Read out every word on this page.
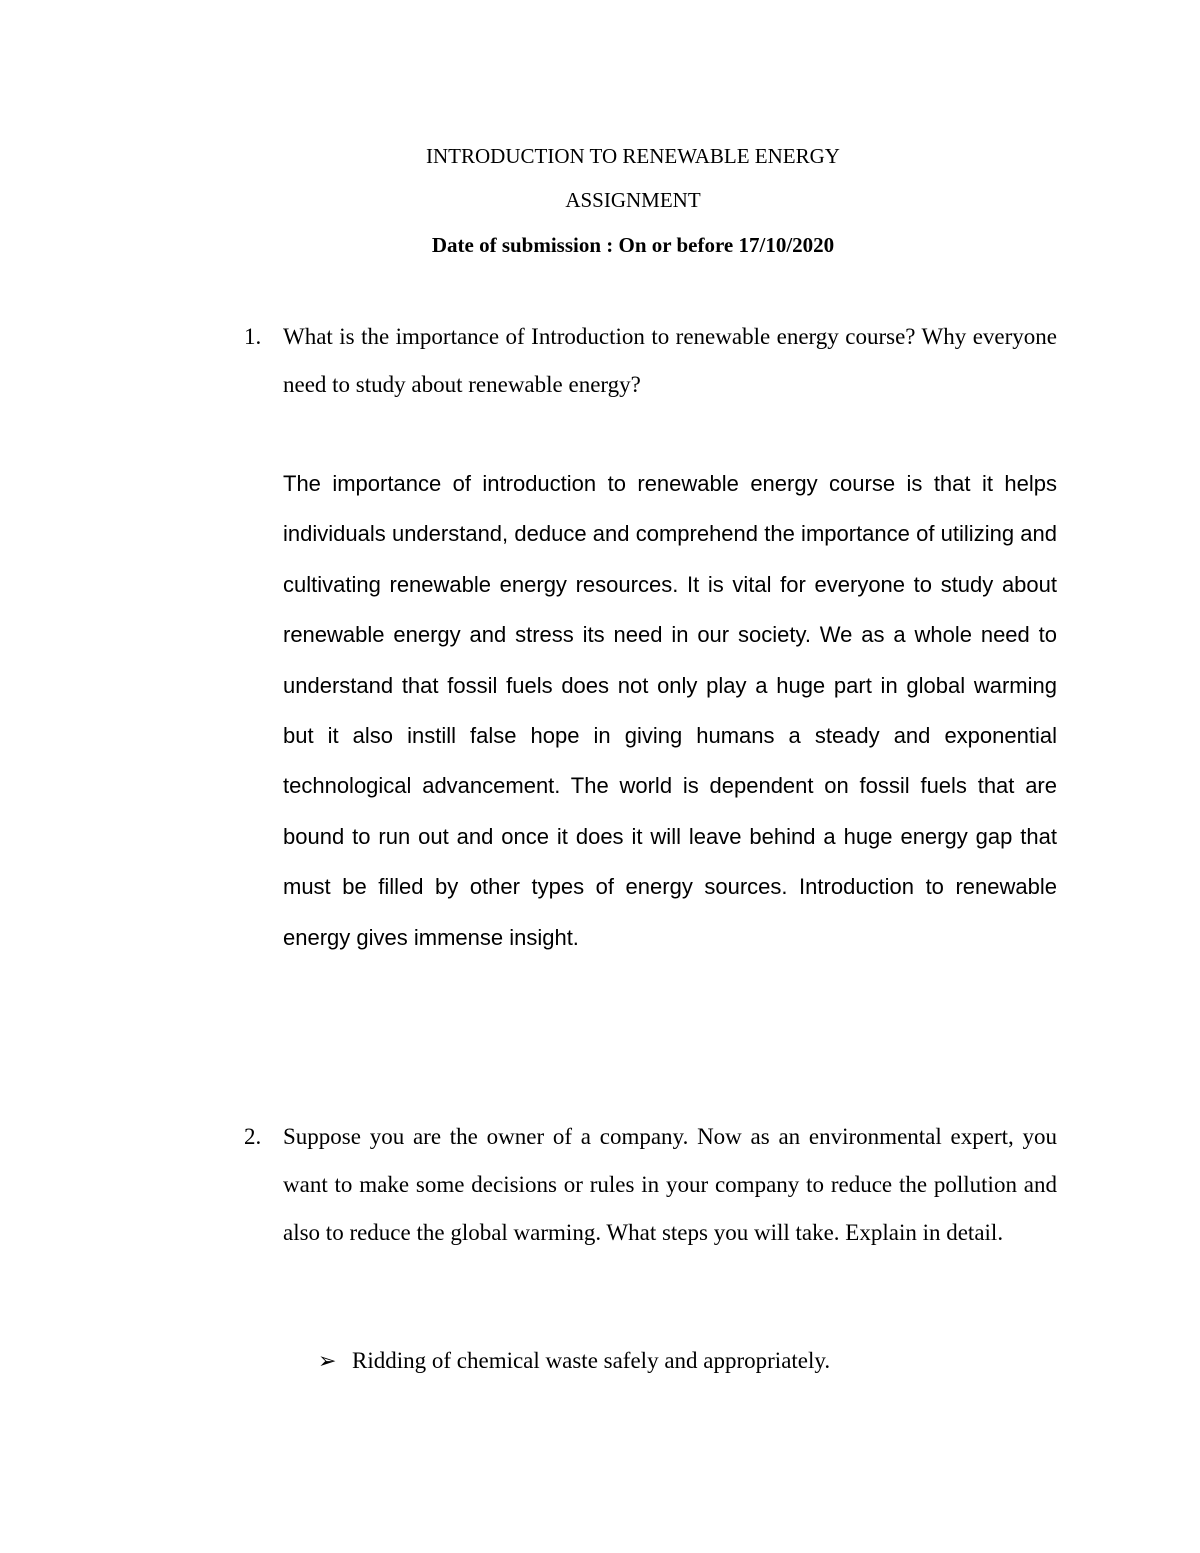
INTRODUCTION TO RENEWABLE ENERGY
ASSIGNMENT
Date of submission : On or before 17/10/2020
1. What is the importance of Introduction to renewable energy course? Why everyone need to study about renewable energy?
The importance of introduction to renewable energy course is that it helps individuals understand, deduce and comprehend the importance of utilizing and cultivating renewable energy resources. It is vital for everyone to study about renewable energy and stress its need in our society. We as a whole need to understand that fossil fuels does not only play a huge part in global warming but it also instill false hope in giving humans a steady and exponential technological advancement. The world is dependent on fossil fuels that are bound to run out and once it does it will leave behind a huge energy gap that must be filled by other types of energy sources. Introduction to renewable energy gives immense insight.
2. Suppose you are the owner of a company. Now as an environmental expert, you want to make some decisions or rules in your company to reduce the pollution and also to reduce the global warming. What steps you will take. Explain in detail.
➢ Ridding of chemical waste safely and appropriately.
